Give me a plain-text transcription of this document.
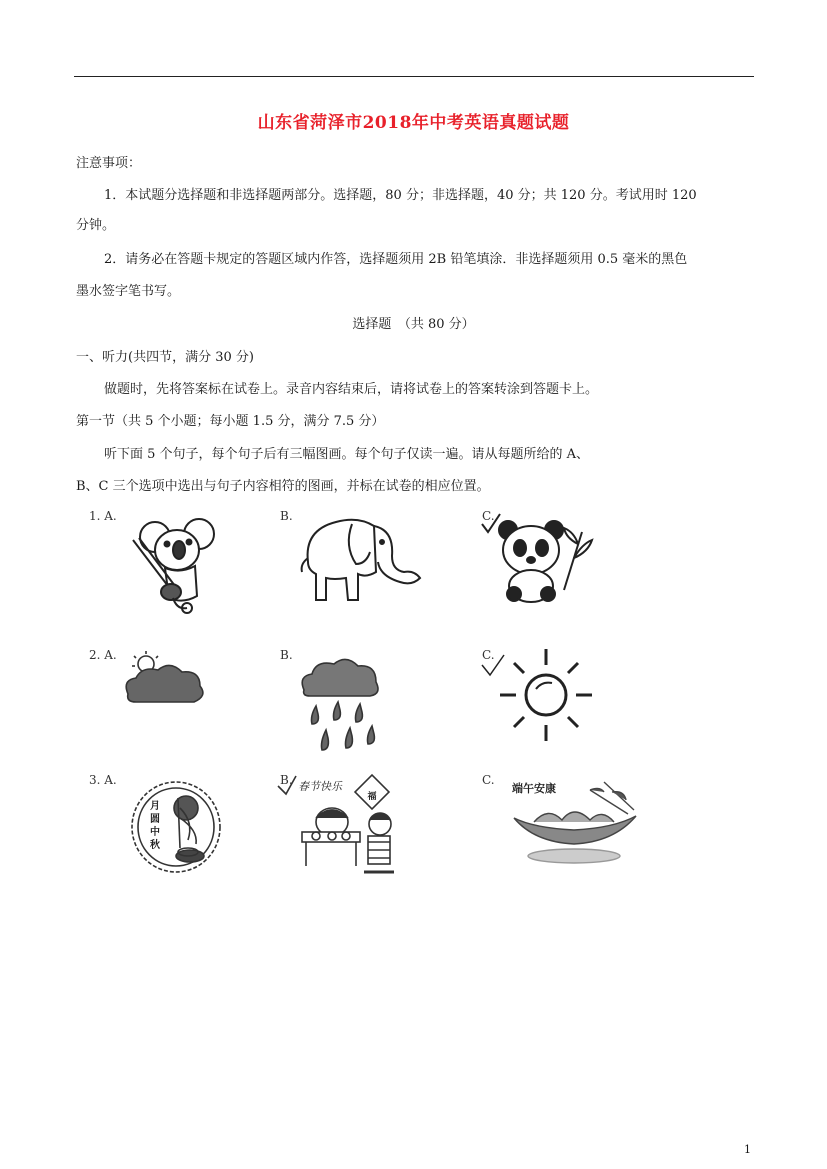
山东省菏泽市2018年中考英语真题试题
注意事项：
1．本试题分选择题和非选择题两部分。选择题，80 分；非选择题，40 分；共 120 分。考试用时 120
分钟。
2．请务必在答题卡规定的答题区域内作答，选择题须用 2B 铅笔填涂．非选择题须用 0.5 毫米的黑色
墨水签字笔书写。
选择题　（共 80 分）
一、听力(共四节，满分 30 分)
做题时，先将答案标在试卷上。录音内容结束后，请将试卷上的答案转涂到答题卡上。
第一节（共 5 个小题；每小题 1.5 分，满分 7.5 分）
听下面 5 个句子，每个句子后有三幅图画。每个句子仅读一遍。请从每题所给的 A、
B、C 三个选项中选出与句子内容相符的图画，并标在试卷的相应位置。
1. A.	B.	C.
2. A.	B.	C.
3. A.
月圆中秋
B. 春节快乐
福
C.
端午安康
1
